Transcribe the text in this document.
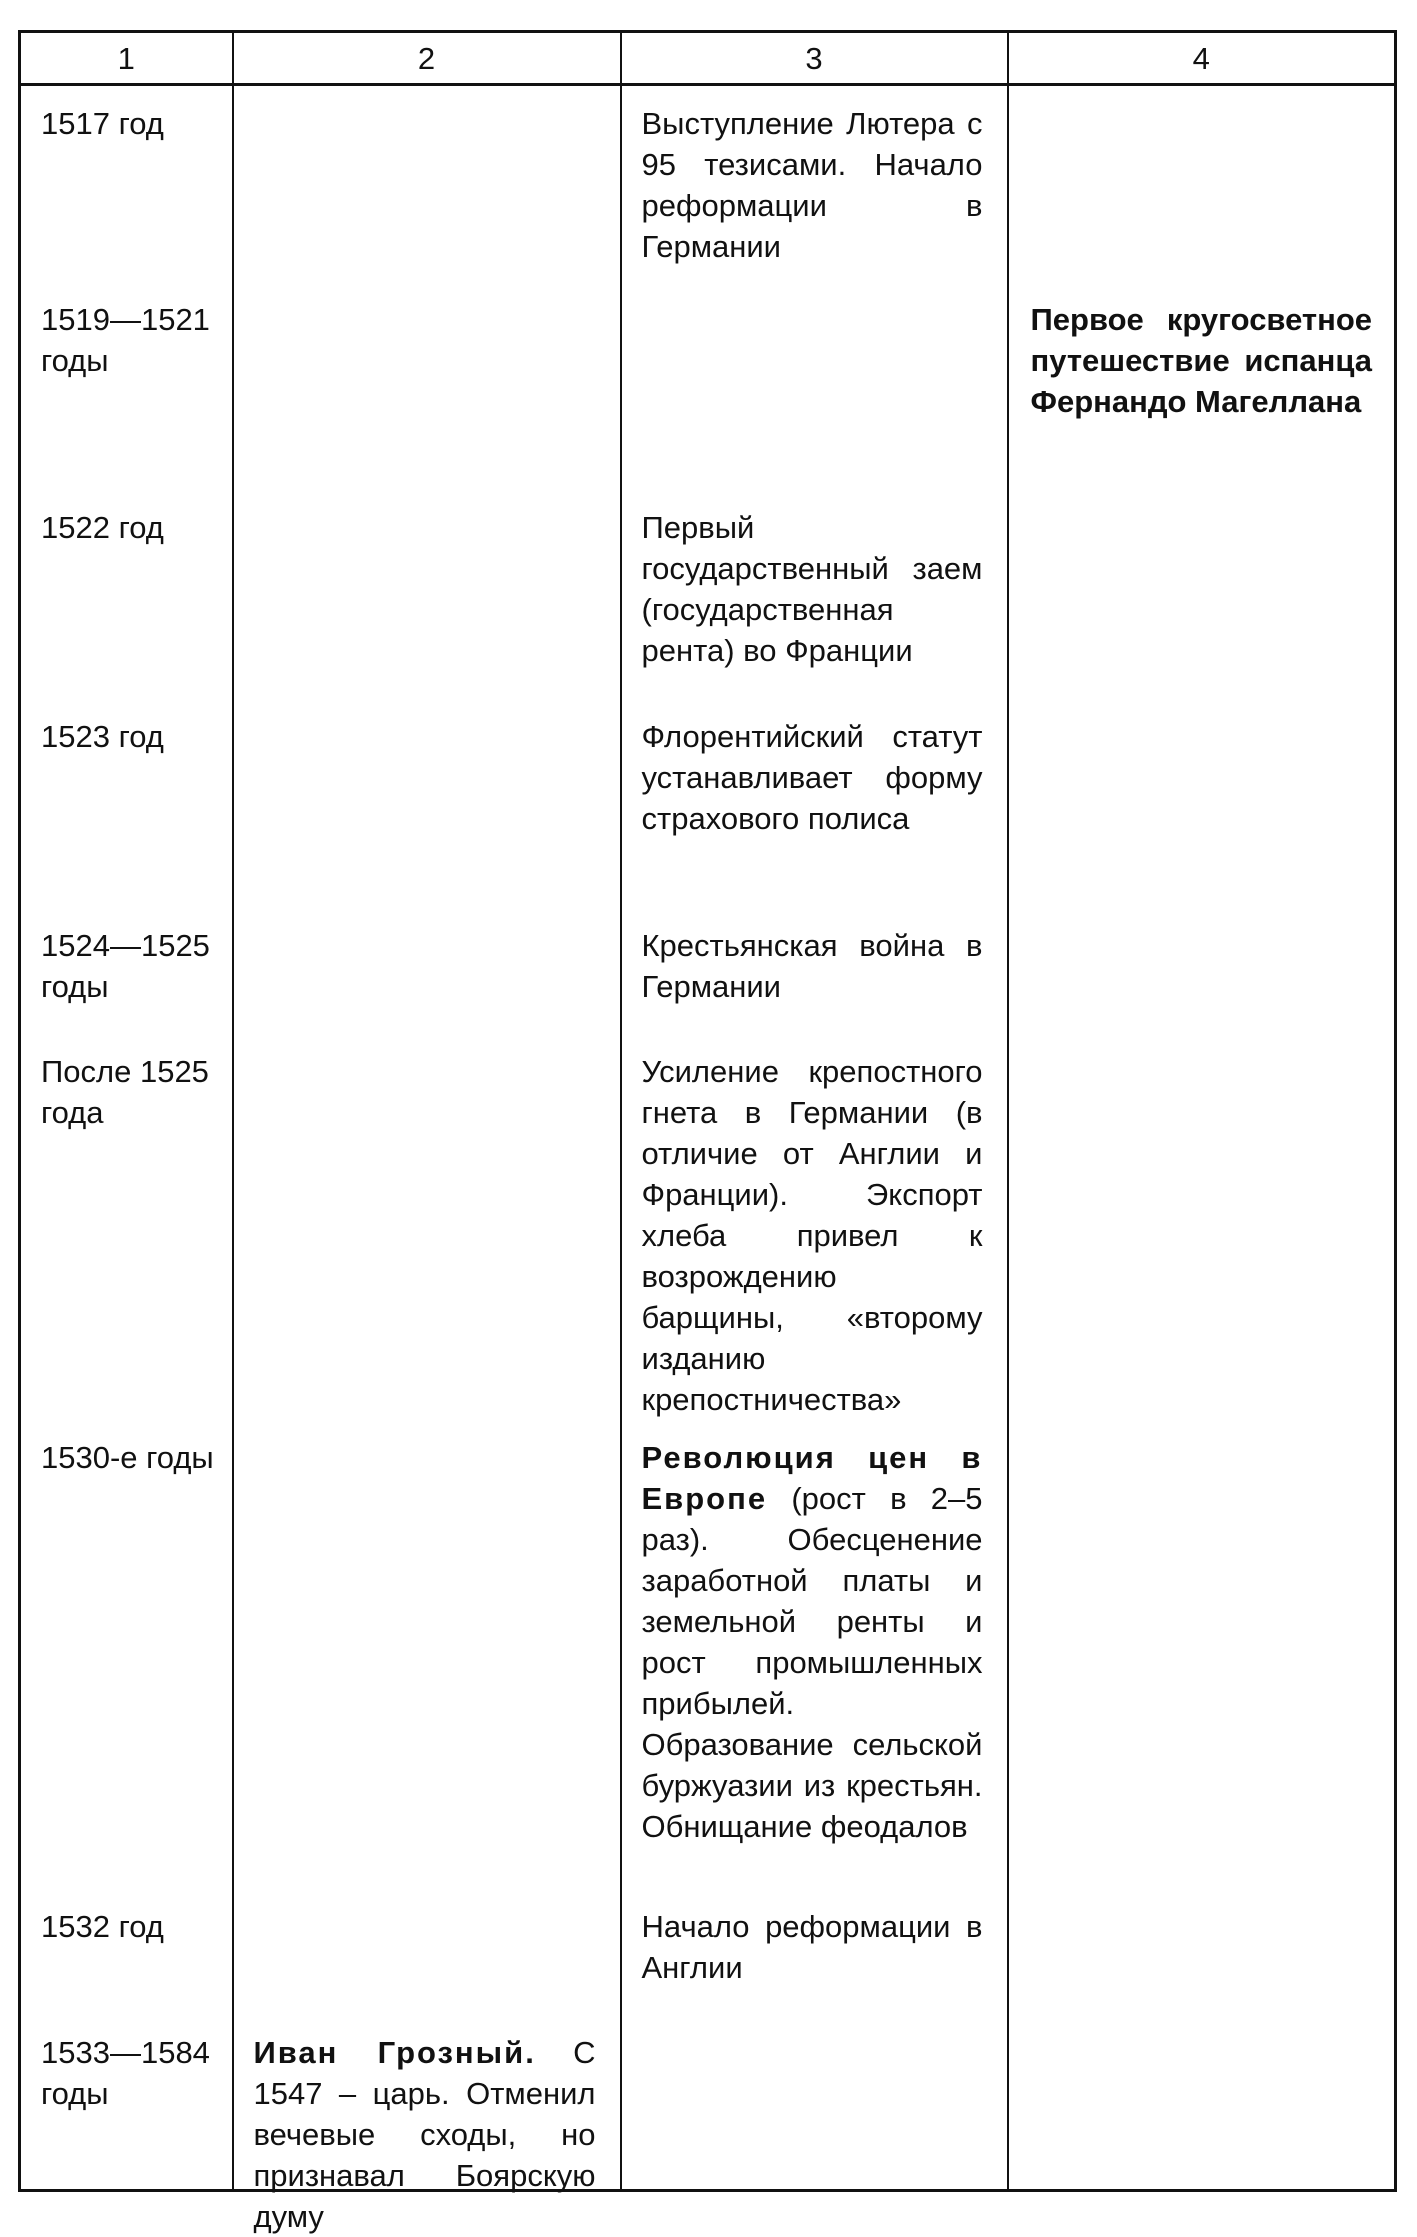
1	2	3	4

1517 год		Выступление Лютера с 95 тезисами. Начало реформации в Германии	

1519—1521 годы			Первое кругосветное путешествие испанца Фернандо Магеллана

1522 год		Первый государственный заем (государственная рента) во Франции	

1523 год		Флорентийский статут устанавливает форму страхового полиса	

1524—1525 годы		Крестьянская война в Германии	

После 1525 года		Усиление крепостного гнета в Германии (в отличие от Англии и Франции). Экспорт хлеба привел к возрождению барщины, «второму изданию крепостничества»	

1530-е годы		Революция цен в Европе (рост в 2–5 раз). Обесценение заработной платы и земельной ренты и рост промышленных прибылей. Образование сельской буржуазии из крестьян. Обнищание феодалов	

1532 год		Начало реформации в Англии	

1533—1584 годы	Иван Грозный. С 1547 – царь. Отменил вечевые сходы, но признавал Боярскую думу		
